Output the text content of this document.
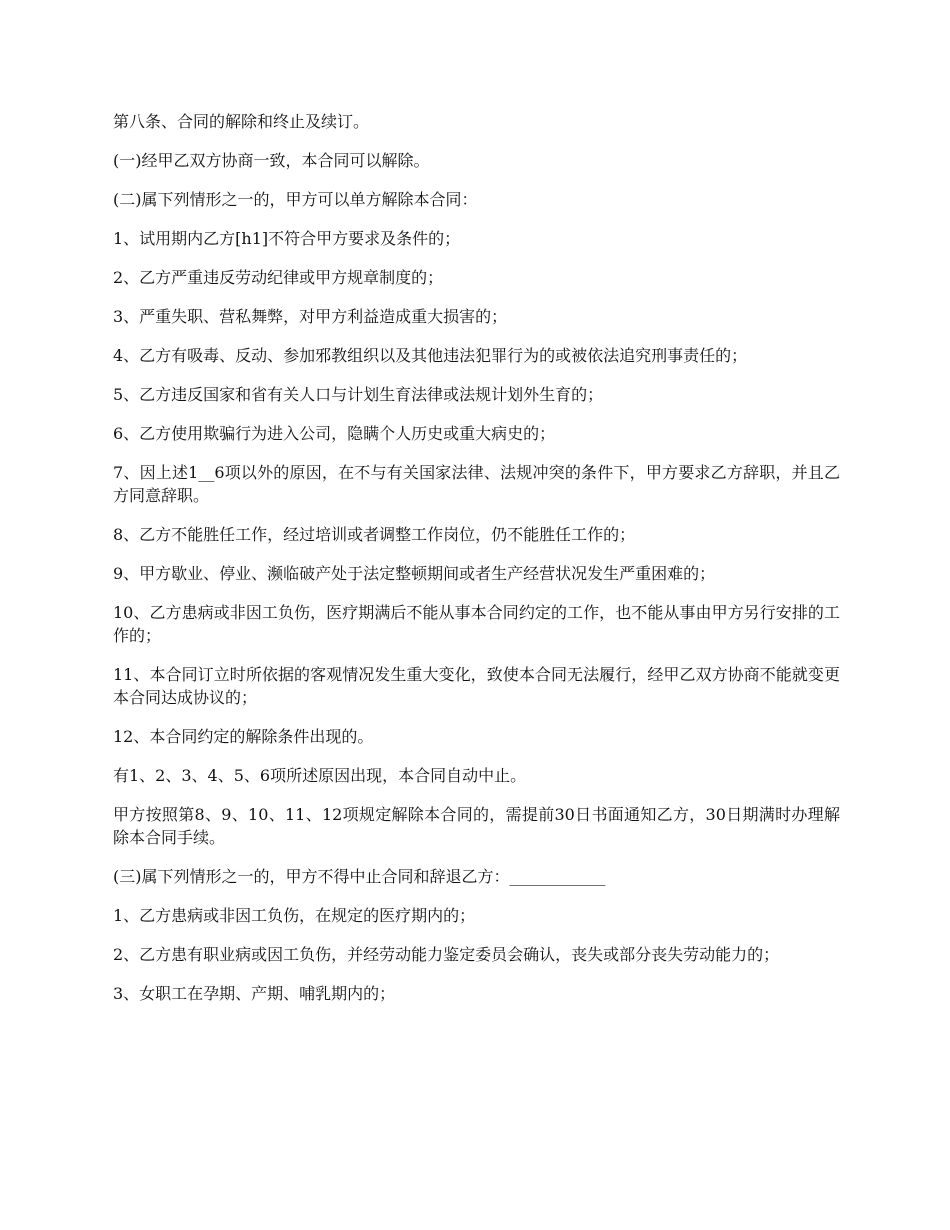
第八条、合同的解除和终止及续订。

(一)经甲乙双方协商一致，本合同可以解除。

(二)属下列情形之一的，甲方可以单方解除本合同：

1、试用期内乙方[h1]不符合甲方要求及条件的；

2、乙方严重违反劳动纪律或甲方规章制度的；

3、严重失职、营私舞弊，对甲方利益造成重大损害的；

4、乙方有吸毒、反动、参加邪教组织以及其他违法犯罪行为的或被依法追究刑事责任的；

5、乙方违反国家和省有关人口与计划生育法律或法规计划外生育的；

6、乙方使用欺骗行为进入公司，隐瞒个人历史或重大病史的；

7、因上述1__6项以外的原因，在不与有关国家法律、法规冲突的条件下，甲方要求乙方辞职，并且乙方同意辞职。

8、乙方不能胜任工作，经过培训或者调整工作岗位，仍不能胜任工作的；

9、甲方歇业、停业、濒临破产处于法定整顿期间或者生产经营状况发生严重困难的；

10、乙方患病或非因工负伤，医疗期满后不能从事本合同约定的工作，也不能从事由甲方另行安排的工作的；

11、本合同订立时所依据的客观情况发生重大变化，致使本合同无法履行，经甲乙双方协商不能就变更本合同达成协议的；

12、本合同约定的解除条件出现的。

有1、2、3、4、5、6项所述原因出现，本合同自动中止。

甲方按照第8、9、10、11、12项规定解除本合同的，需提前30日书面通知乙方，30日期满时办理解除本合同手续。

(三)属下列情形之一的，甲方不得中止合同和辞退乙方：____________

1、乙方患病或非因工负伤，在规定的医疗期内的；

2、乙方患有职业病或因工负伤，并经劳动能力鉴定委员会确认，丧失或部分丧失劳动能力的；

3、女职工在孕期、产期、哺乳期内的；
